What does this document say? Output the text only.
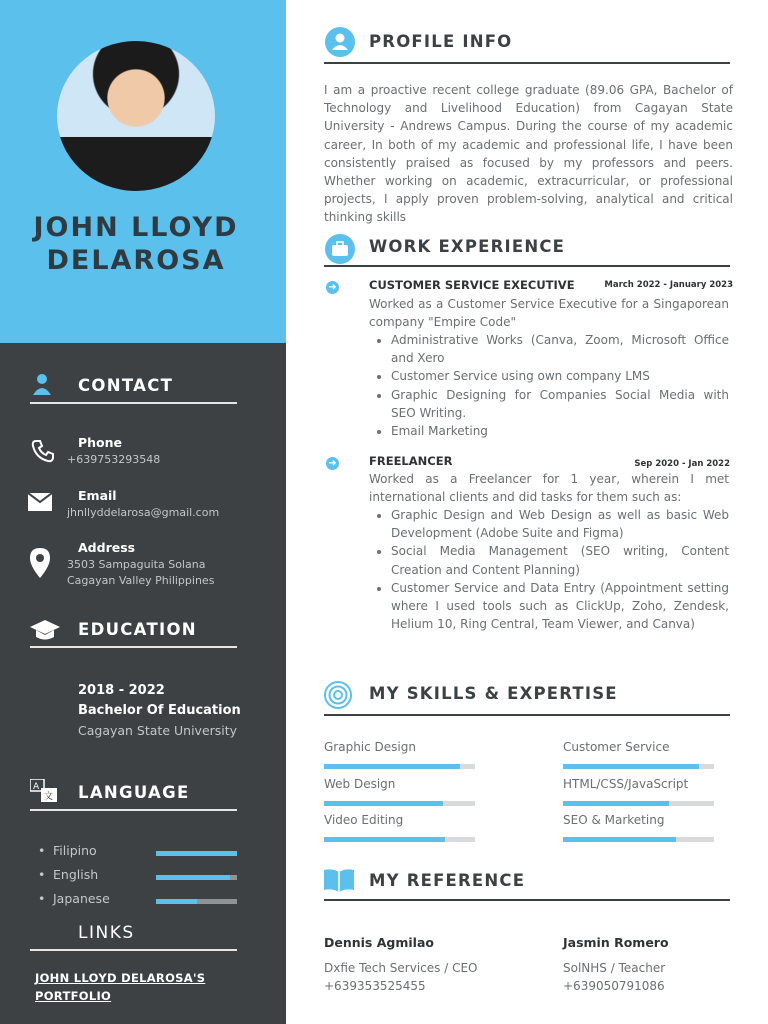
JOHN LLOYD
DELAROSA
CONTACT
Phone
+639753293548
Email
jhnllyddelarosa@gmail.com
Address
3503 Sampaguita Solana
Cagayan Valley Philippines
EDUCATION
2018 - 2022
Bachelor Of Education
Cagayan State University
A
文 LANGUAGE
• Filipino
• English
• Japanese
LINKS
JOHN LLOYD DELAROSA'S
PORTFOLIO
PROFILE INFO
I am a proactive recent college graduate (89.06 GPA, Bachelor of Technology and Livelihood Education) from Cagayan State University - Andrews Campus. During the course of my academic career, In both of my academic and professional life, I have been consistently praised as focused by my professors and peers. Whether working on academic, extracurricular, or professional projects, I apply proven problem-solving, analytical and critical thinking skills
WORK EXPERIENCE
➜	CUSTOMER SERVICE EXECUTIVE	March 2022 - January 2023
Worked as a Customer Service Executive for a Singaporean company "Empire Code"
• Administrative Works (Canva, Zoom, Microsoft Office and Xero
• Customer Service using own company LMS
• Graphic Designing for Companies Social Media with SEO Writing.
• Email Marketing
➜	FREELANCER	Sep 2020 - Jan 2022
Worked as a Freelancer for 1 year, wherein I met international clients and did tasks for them such as:
• Graphic Design and Web Design as well as basic Web Development (Adobe Suite and Figma)
• Social Media Management (SEO writing, Content Creation and Content Planning)
• Customer Service and Data Entry (Appointment setting where I used tools such as ClickUp, Zoho, Zendesk, Helium 10, Ring Central, Team Viewer, and Canva)
MY SKILLS & EXPERTISE
Graphic Design	Customer Service
Web Design	HTML/CSS/JavaScript
Video Editing	SEO & Marketing
MY REFERENCE
Dennis Agmilao
Dxfie Tech Services / CEO
+639353525455
Jasmin Romero
SolNHS / Teacher
+639050791086
